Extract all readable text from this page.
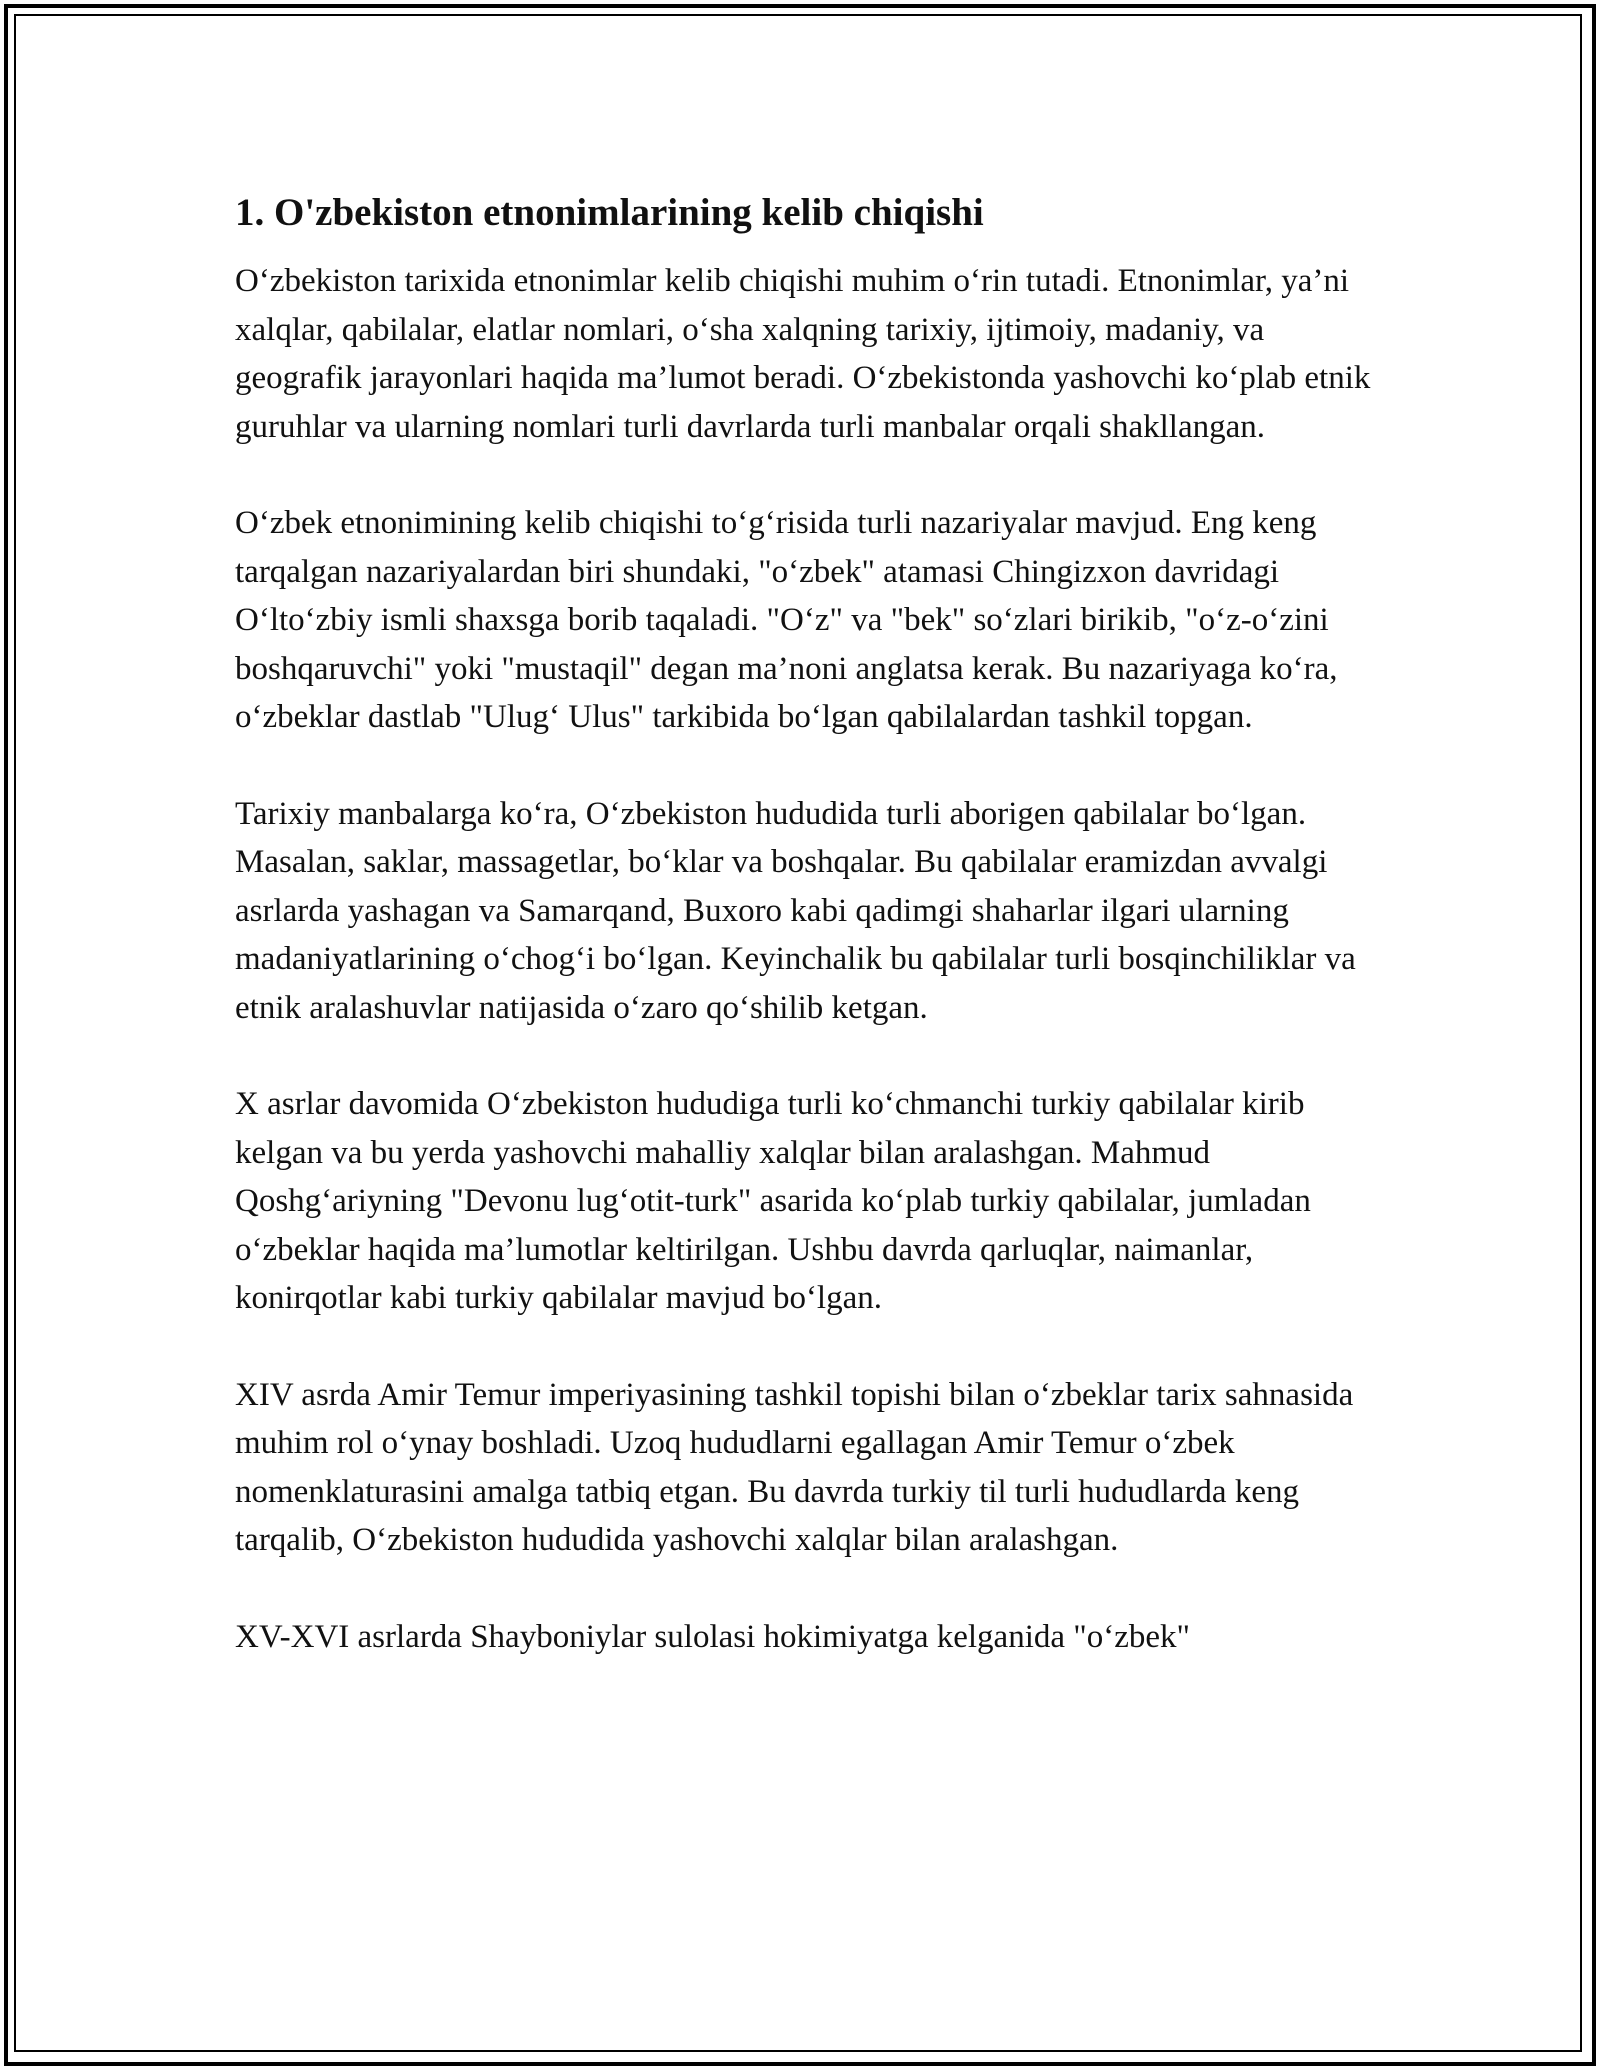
1. O'zbekiston etnonimlarining kelib chiqishi

O‘zbekiston tarixida etnonimlar kelib chiqishi muhim o‘rin tutadi. Etnonimlar, ya’ni xalqlar, qabilalar, elatlar nomlari, o‘sha xalqning tarixiy, ijtimoiy, madaniy, va geografik jarayonlari haqida ma’lumot beradi. O‘zbekistonda yashovchi ko‘plab etnik guruhlar va ularning nomlari turli davrlarda turli manbalar orqali shakllangan.

O‘zbek etnonimining kelib chiqishi to‘g‘risida turli nazariyalar mavjud. Eng keng tarqalgan nazariyalardan biri shundaki, "o‘zbek" atamasi Chingizxon davridagi O‘lto‘zbiy ismli shaxsga borib taqaladi. "O‘z" va "bek" so‘zlari birikib, "o‘z-o‘zini boshqaruvchi" yoki "mustaqil" degan ma’noni anglatsa kerak. Bu nazariyaga ko‘ra, o‘zbeklar dastlab "Ulug‘ Ulus" tarkibida bo‘lgan qabilalardan tashkil topgan.

Tarixiy manbalarga ko‘ra, O‘zbekiston hududida turli aborigen qabilalar bo‘lgan. Masalan, saklar, massagetlar, bo‘klar va boshqalar. Bu qabilalar eramizdan avvalgi asrlarda yashagan va Samarqand, Buxoro kabi qadimgi shaharlar ilgari ularning madaniyatlarining o‘chog‘i bo‘lgan. Keyinchalik bu qabilalar turli bosqinchiliklar va etnik aralashuvlar natijasida o‘zaro qo‘shilib ketgan.

X asrlar davomida O‘zbekiston hududiga turli ko‘chmanchi turkiy qabilalar kirib kelgan va bu yerda yashovchi mahalliy xalqlar bilan aralashgan. Mahmud Qoshg‘ariyning "Devonu lug‘otit-turk" asarida ko‘plab turkiy qabilalar, jumladan o‘zbeklar haqida ma’lumotlar keltirilgan. Ushbu davrda qarluqlar, naimanlar, konirqotlar kabi turkiy qabilalar mavjud bo‘lgan.

XIV asrda Amir Temur imperiyasining tashkil topishi bilan o‘zbeklar tarix sahnasida muhim rol o‘ynay boshladi. Uzoq hududlarni egallagan Amir Temur o‘zbek nomenklaturasini amalga tatbiq etgan. Bu davrda turkiy til turli hududlarda keng tarqalib, O‘zbekiston hududida yashovchi xalqlar bilan aralashgan.

XV-XVI asrlarda Shayboniylar sulolasi hokimiyatga kelganida "o‘zbek"
